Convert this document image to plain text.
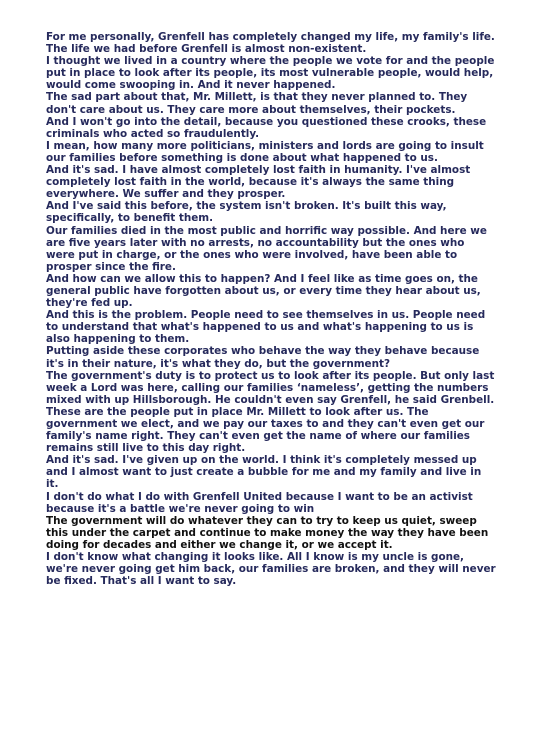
For me personally, Grenfell has completely changed my life, my family's life. The life we had before Grenfell is almost non-existent.

I thought we lived in a country where the people we vote for and the people put in place to look after its people, its most vulnerable people, would help, would come swooping in. And it never happened.

The sad part about that, Mr. Millett, is that they never planned to. They don't care about us. They care more about themselves, their pockets.

And I won't go into the detail, because you questioned these crooks, these criminals who acted so fraudulently.

I mean, how many more politicians, ministers and lords are going to insult our families before something is done about what happened to us.

And it's sad. I have almost completely lost faith in humanity. I've almost completely lost faith in the world, because it's always the same thing everywhere. We suffer and they prosper.

And I've said this before, the system isn't broken. It's built this way, specifically, to benefit them.

Our families died in the most public and horrific way possible. And here we are five years later with no arrests, no accountability but the ones who were put in charge, or the ones who were involved, have been able to prosper since the fire.

And how can we allow this to happen? And I feel like as time goes on, the general public have forgotten about us, or every time they hear about us, they're fed up.

And this is the problem. People need to see themselves in us. People need to understand that what's happened to us and what's happening to us is also happening to them.

Putting aside these corporates who behave the way they behave because it's in their nature, it's what they do, but the government?

The government's duty is to protect us to look after its people. But only last week a Lord was here, calling our families ‘nameless’, getting the numbers mixed with up Hillsborough. He couldn't even say Grenfell, he said Grenbell.

These are the people put in place Mr. Millett to look after us. The government we elect, and we pay our taxes to and they can't even get our family's name right. They can't even get the name of where our families remains still live to this day right.

And it's sad. I've given up on the world. I think it's completely messed up and I almost want to just create a bubble for me and my family and live in it.

I don't do what I do with Grenfell United because I want to be an activist because it's a battle we're never going to win

The government will do whatever they can to try to keep us quiet, sweep this under the carpet and continue to make money the way they have been doing for decades and either we change it, or we accept it.

I don't know what changing it looks like. All I know is my uncle is gone, we're never going get him back, our families are broken, and they will never be fixed. That's all I want to say.
